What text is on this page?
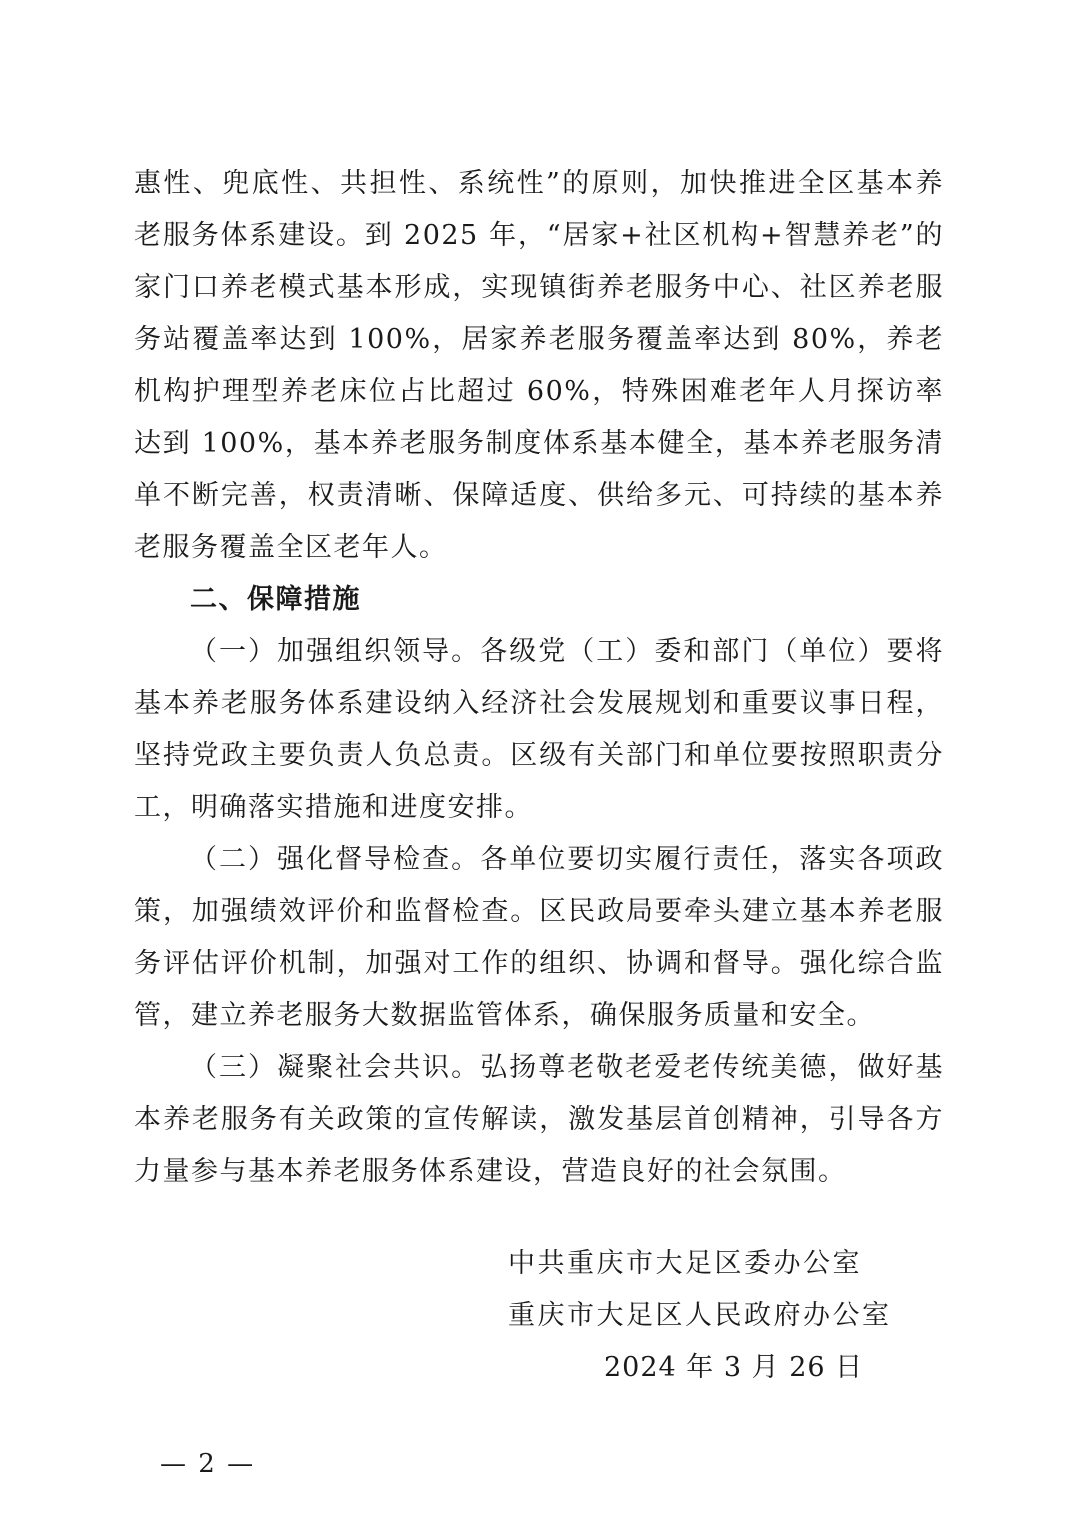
惠性、兜底性、共担性、系统性”的原则，加快推进全区基本养老服务体系建设。到 2025 年，“居家+社区机构+智慧养老”的家门口养老模式基本形成，实现镇街养老服务中心、社区养老服务站覆盖率达到 100%，居家养老服务覆盖率达到 80%，养老机构护理型养老床位占比超过 60%，特殊困难老年人月探访率达到 100%，基本养老服务制度体系基本健全，基本养老服务清单不断完善，权责清晰、保障适度、供给多元、可持续的基本养老服务覆盖全区老年人。

二、保障措施

（一）加强组织领导。各级党（工）委和部门（单位）要将基本养老服务体系建设纳入经济社会发展规划和重要议事日程，坚持党政主要负责人负总责。区级有关部门和单位要按照职责分工，明确落实措施和进度安排。

（二）强化督导检查。各单位要切实履行责任，落实各项政策，加强绩效评价和监督检查。区民政局要牵头建立基本养老服务评估评价机制，加强对工作的组织、协调和督导。强化综合监管，建立养老服务大数据监管体系，确保服务质量和安全。

（三）凝聚社会共识。弘扬尊老敬老爱老传统美德，做好基本养老服务有关政策的宣传解读，激发基层首创精神，引导各方力量参与基本养老服务体系建设，营造良好的社会氛围。

中共重庆市大足区委办公室
重庆市大足区人民政府办公室
2024 年 3 月 26 日
— 2 —
